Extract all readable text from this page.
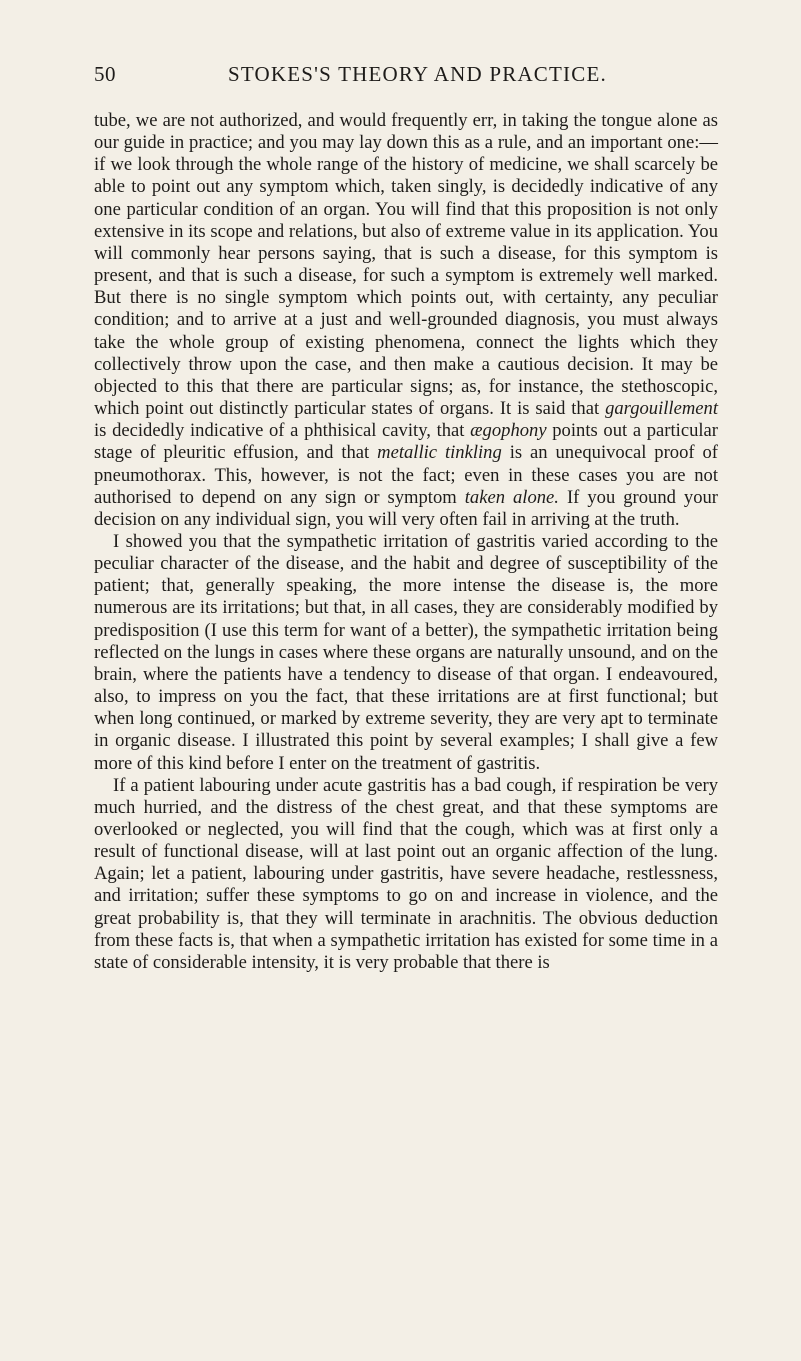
50	STOKES'S THEORY AND PRACTICE.

tube, we are not authorized, and would frequently err, in taking the tongue alone as our guide in practice; and you may lay down this as a rule, and an important one:—if we look through the whole range of the history of medicine, we shall scarcely be able to point out any symptom which, taken singly, is decidedly indicative of any one particular condition of an organ. You will find that this proposition is not only extensive in its scope and relations, but also of extreme value in its application. You will commonly hear persons saying, that is such a disease, for this symptom is present, and that is such a disease, for such a symptom is extremely well marked. But there is no single symptom which points out, with certainty, any peculiar condition; and to arrive at a just and well-grounded diagnosis, you must always take the whole group of existing phenomena, connect the lights which they collectively throw upon the case, and then make a cautious decision. It may be objected to this that there are particular signs; as, for instance, the stethoscopic, which point out distinctly particular states of organs. It is said that gargouillement is decidedly indicative of a phthisical cavity, that ægophony points out a particular stage of pleuritic effusion, and that metallic tinkling is an unequivocal proof of pneumothorax. This, however, is not the fact; even in these cases you are not authorised to depend on any sign or symptom taken alone. If you ground your decision on any individual sign, you will very often fail in arriving at the truth.

I showed you that the sympathetic irritation of gastritis varied according to the peculiar character of the disease, and the habit and degree of susceptibility of the patient; that, generally speaking, the more intense the disease is, the more numerous are its irritations; but that, in all cases, they are considerably modified by predisposition (I use this term for want of a better), the sympathetic irritation being reflected on the lungs in cases where these organs are naturally unsound, and on the brain, where the patients have a tendency to disease of that organ. I endeavoured, also, to impress on you the fact, that these irritations are at first functional; but when long continued, or marked by extreme severity, they are very apt to terminate in organic disease. I illustrated this point by several examples; I shall give a few more of this kind before I enter on the treatment of gastritis.

If a patient labouring under acute gastritis has a bad cough, if respiration be very much hurried, and the distress of the chest great, and that these symptoms are overlooked or neglected, you will find that the cough, which was at first only a result of functional disease, will at last point out an organic affection of the lung. Again; let a patient, labouring under gastritis, have severe headache, restlessness, and irritation; suffer these symptoms to go on and increase in violence, and the great probability is, that they will terminate in arachnitis. The obvious deduction from these facts is, that when a sympathetic irritation has existed for some time in a state of considerable intensity, it is very probable that there is
